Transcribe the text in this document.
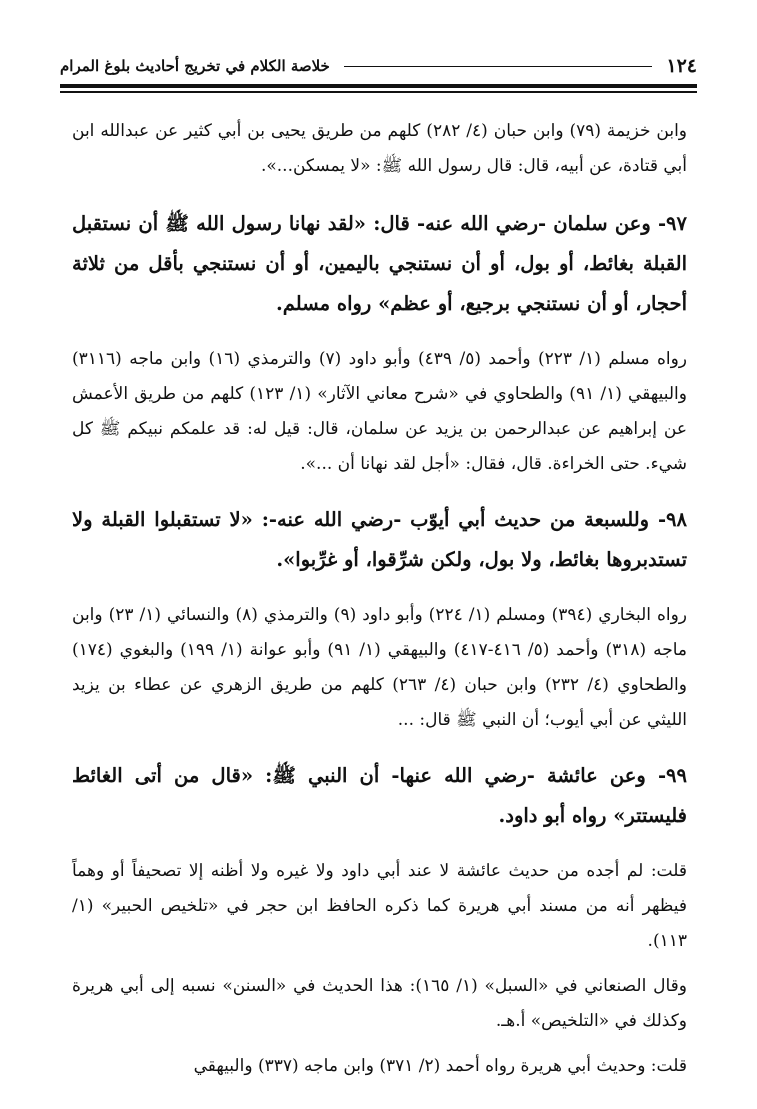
١٢٤
خلاصة الكلام في تخريج أحاديث بلوغ المرام

وابن خزيمة (٧٩) وابن حبان (٤/ ٢٨٢) كلهم من طريق يحيى بن أبي كثير عن عبدالله ابن أبي قتادة، عن أبيه، قال: قال رسول الله ﷺ: «لا يمسكن...».

٩٧- وعن سلمان -رضي الله عنه- قال: «لقد نهانا رسول الله ﷺ أن نستقبل القبلة بغائط، أو بول، أو أن نستنجي باليمين، أو أن نستنجي بأقل من ثلاثة أحجار، أو أن نستنجي برجيع، أو عظم» رواه مسلم.

رواه مسلم (١/ ٢٢٣) وأحمد (٥/ ٤٣٩) وأبو داود (٧) والترمذي (١٦) وابن ماجه (٣١١٦) والبيهقي (١/ ٩١) والطحاوي في «شرح معاني الآثار» (١/ ١٢٣) كلهم من طريق الأعمش عن إبراهيم عن عبدالرحمن بن يزيد عن سلمان، قال: قيل له: قد علمكم نبيكم ﷺ كل شيء. حتى الخراءة. قال، فقال: «أجل لقد نهانا أن ...».

٩٨- وللسبعة من حديث أبي أيوّب -رضي الله عنه-: «لا تستقبلوا القبلة ولا تستدبروها بغائط، ولا بول، ولكن شرِّقوا، أو غرِّبوا».

رواه البخاري (٣٩٤) ومسلم (١/ ٢٢٤) وأبو داود (٩) والترمذي (٨) والنسائي (١/ ٢٣) وابن ماجه (٣١٨) وأحمد (٥/ ٤١٦-٤١٧) والبيهقي (١/ ٩١) وأبو عوانة (١/ ١٩٩) والبغوي (١٧٤) والطحاوي (٤/ ٢٣٢) وابن حبان (٤/ ٢٦٣) كلهم من طريق الزهري عن عطاء بن يزيد الليثي عن أبي أيوب؛ أن النبي ﷺ قال: ...

٩٩- وعن عائشة -رضي الله عنها- أن النبي ﷺ: «قال من أتى الغائط فليستتر» رواه أبو داود.

قلت: لم أجده من حديث عائشة لا عند أبي داود ولا غيره ولا أظنه إلا تصحيفاً أو وهماً فيظهر أنه من مسند أبي هريرة كما ذكره الحافظ ابن حجر في «تلخيص الحبير» (١/ ١١٣).

وقال الصنعاني في «السبل» (١/ ١٦٥): هذا الحديث في «السنن» نسبه إلى أبي هريرة وكذلك في «التلخيص» أ.هـ.

قلت: وحديث أبي هريرة رواه أحمد (٢/ ٣٧١) وابن ماجه (٣٣٧) والبيهقي
